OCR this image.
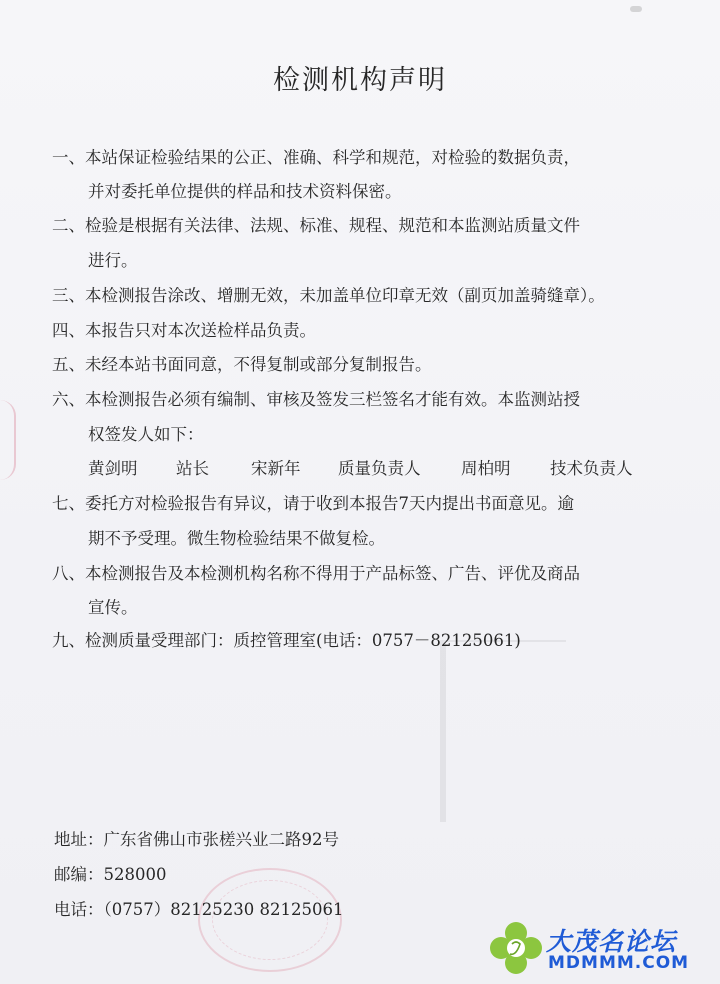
检测机构声明
一、本站保证检验结果的公正、准确、科学和规范，对检验的数据负责，
并对委托单位提供的样品和技术资料保密。
二、检验是根据有关法律、法规、标准、规程、规范和本监测站质量文件
进行。
三、本检测报告涂改、增删无效，未加盖单位印章无效（副页加盖骑缝章）。
四、本报告只对本次送检样品负责。
五、未经本站书面同意，不得复制或部分复制报告。
六、本检测报告必须有编制、审核及签发三栏签名才能有效。本监测站授
权签发人如下：
黄剑明 站长	宋新年 质量负责人 周柏明 技术负责人
七、委托方对检验报告有异议，请于收到本报告7天内提出书面意见。逾
期不予受理。微生物检验结果不做复检。
八、本检测报告及本检测机构名称不得用于产品标签、广告、评优及商品
宣传。
九、检测质量受理部门：质控管理室(电话：0757－82125061)
地址：广东省佛山市张槎兴业二路92号
邮编：528000
电话：（0757）82125230 82125061
大茂名论坛
MDMMM.COM
